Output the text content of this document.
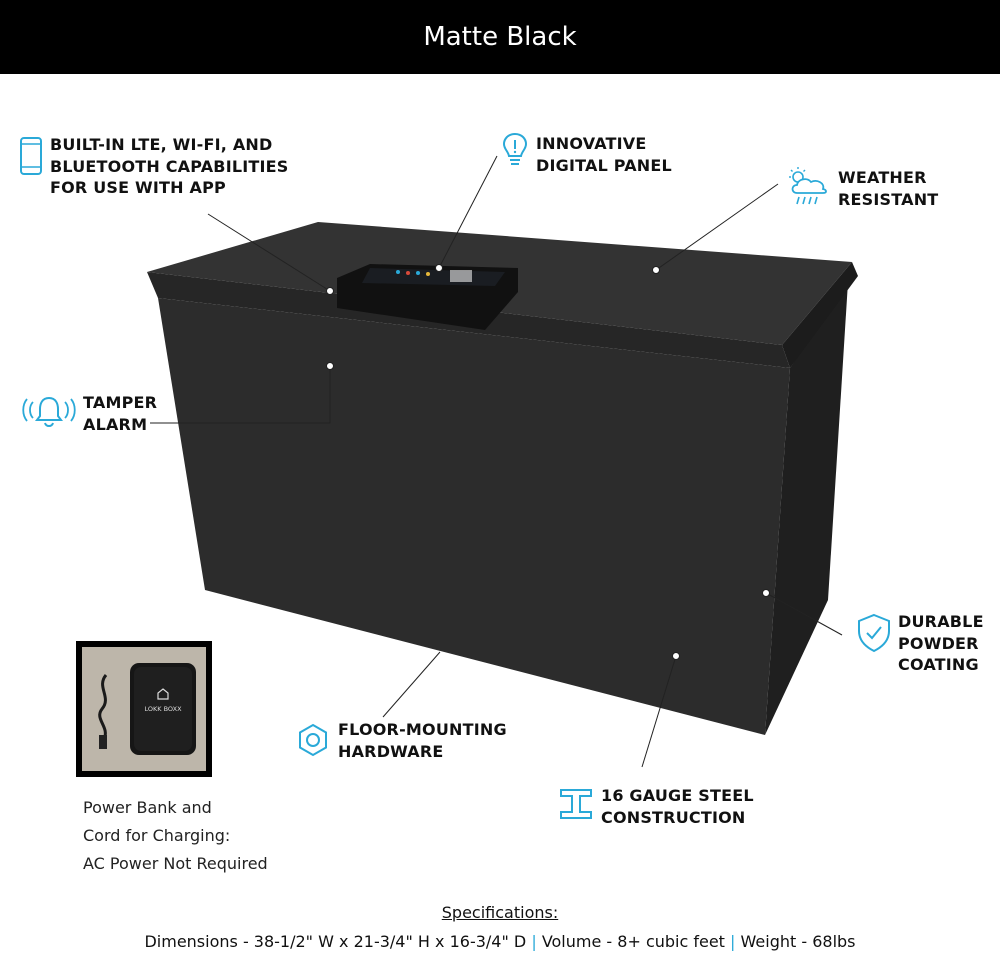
Matte Black
BUILT-IN LTE, WI-FI, AND
BLUETOOTH CAPABILITIES
FOR USE WITH APP
INNOVATIVE
DIGITAL PANEL
WEATHER
RESISTANT
TAMPER
ALARM
DURABLE
POWDER
COATING
FLOOR-MOUNTING
HARDWARE
16 GAUGE STEEL
CONSTRUCTION
LOKK BOXX
Power Bank and
Cord for Charging:
AC Power Not Required
Specifications:
Dimensions - 38-1/2" W x 21-3/4" H x 16-3/4" D | Volume - 8+ cubic feet | Weight - 68lbs
